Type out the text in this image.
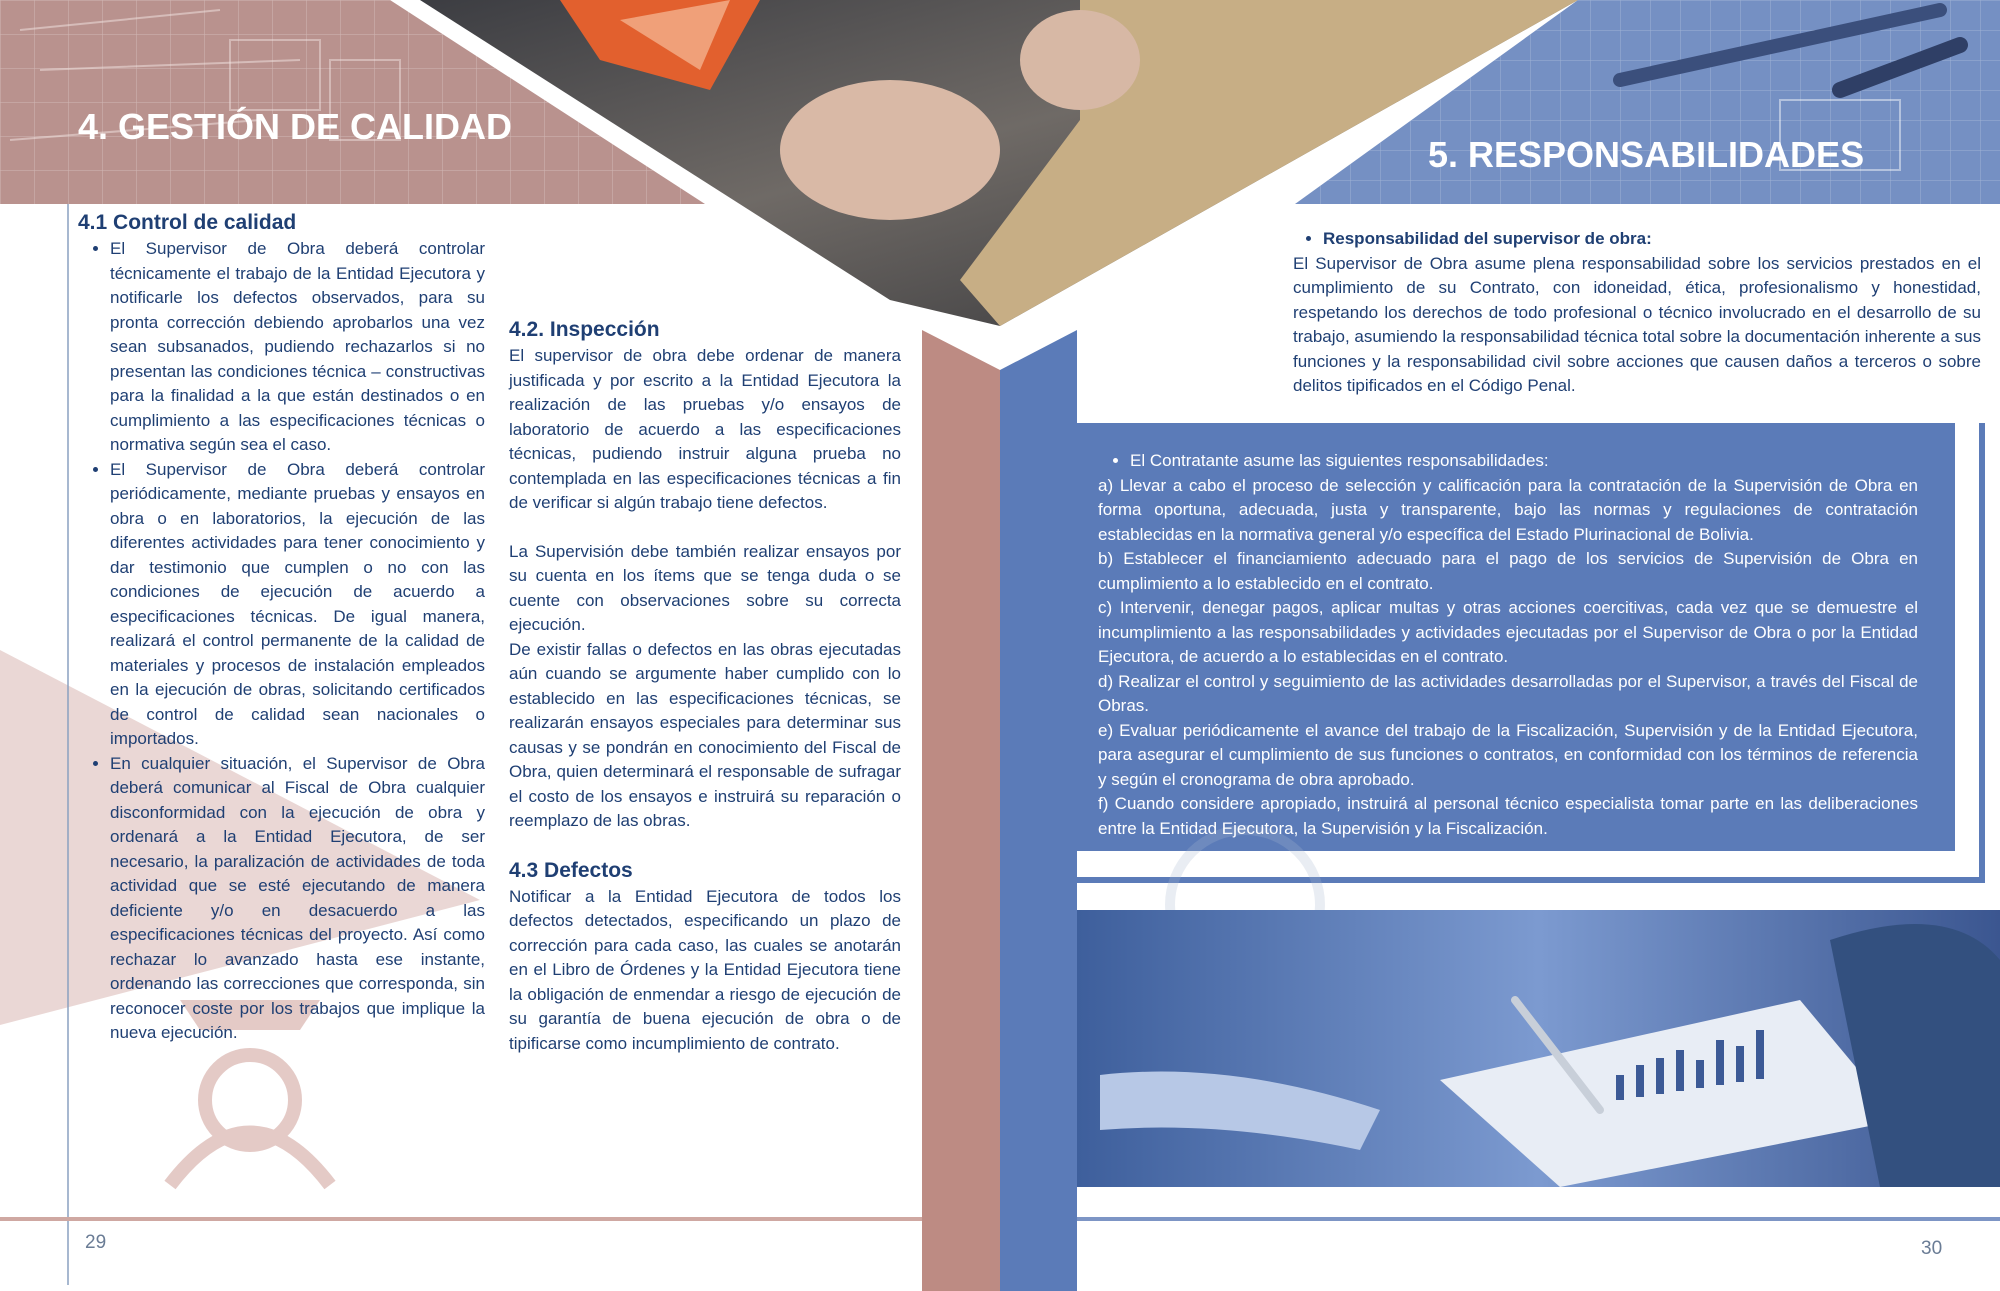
4. GESTIÓN DE CALIDAD
5. RESPONSABILIDADES
4.1 Control de calidad
• El Supervisor de Obra deberá controlar técnicamente el trabajo de la Entidad Ejecutora y notificarle los defectos observados, para su pronta corrección debiendo aprobarlos una vez sean subsanados, pudiendo rechazarlos si no presentan las condiciones técnica – constructivas para la finalidad a la que están destinados o en cumplimiento a las especificaciones técnicas o normativa según sea el caso.
• El Supervisor de Obra deberá controlar periódicamente, mediante pruebas y ensayos en obra o en laboratorios, la ejecución de las diferentes actividades para tener conocimiento y dar testimonio que cumplen o no con las condiciones de ejecución de acuerdo a especificaciones técnicas. De igual manera, realizará el control permanente de la calidad de materiales y procesos de instalación empleados en la ejecución de obras, solicitando certificados de control de calidad sean nacionales o importados.
• En cualquier situación, el Supervisor de Obra deberá comunicar al Fiscal de Obra cualquier disconformidad con la ejecución de obra y ordenará a la Entidad Ejecutora, de ser necesario, la paralización de actividades de toda actividad que se esté ejecutando de manera deficiente y/o en desacuerdo a las especificaciones técnicas del proyecto. Así como rechazar lo avanzado hasta ese instante, ordenando las correcciones que corresponda, sin reconocer coste por los trabajos que implique la nueva ejecución.
4.2. Inspección

El supervisor de obra debe ordenar de manera justificada y por escrito a la Entidad Ejecutora la realización de las pruebas y/o ensayos de laboratorio de acuerdo a las especificaciones técnicas, pudiendo instruir alguna prueba no contemplada en las especificaciones técnicas a fin de verificar si algún trabajo tiene defectos.

La Supervisión debe también realizar ensayos por su cuenta en los ítems que se tenga duda o se cuente con observaciones sobre su correcta ejecución.

De existir fallas o defectos en las obras ejecutadas aún cuando se argumente haber cumplido con lo establecido en las especificaciones técnicas, se realizarán ensayos especiales para determinar sus causas y se pondrán en conocimiento del Fiscal de Obra, quien determinará el responsable de sufragar el costo de los ensayos e instruirá su reparación o reemplazo de las obras.

4.3 Defectos

Notificar a la Entidad Ejecutora de todos los defectos detectados, especificando un plazo de corrección para cada caso, las cuales se anotarán en el Libro de Órdenes y la Entidad Ejecutora tiene la obligación de enmendar a riesgo de ejecución de su garantía de buena ejecución de obra o de tipificarse como incumplimiento de contrato.

• Responsabilidad del supervisor de obra:

El Supervisor de Obra asume plena responsabilidad sobre los servicios prestados en el cumplimiento de su Contrato, con idoneidad, ética, profesionalismo y honestidad, respetando los derechos de todo profesional o técnico involucrado en el desarrollo de su trabajo, asumiendo la responsabilidad técnica total sobre la documentación inherente a sus funciones y la responsabilidad civil sobre acciones que causen daños a terceros o sobre delitos tipificados en el Código Penal.

• El Contratante asume las siguientes responsabilidades:

a) Llevar a cabo el proceso de selección y calificación para la contratación de la Supervisión de Obra en forma oportuna, adecuada, justa y transparente, bajo las normas y regulaciones de contratación establecidas en la normativa general y/o específica del Estado Plurinacional de Bolivia.

b) Establecer el financiamiento adecuado para el pago de los servicios de Supervisión de Obra en cumplimiento a lo establecido en el contrato.

c) Intervenir, denegar pagos, aplicar multas y otras acciones coercitivas, cada vez que se demuestre el incumplimiento a las responsabilidades y actividades ejecutadas por el Supervisor de Obra o por la Entidad Ejecutora, de acuerdo a lo establecidas en el contrato.

d) Realizar el control y seguimiento de las actividades desarrolladas por el Supervisor, a través del Fiscal de Obras.

e) Evaluar periódicamente el avance del trabajo de la Fiscalización, Supervisión y de la Entidad Ejecutora, para asegurar el cumplimiento de sus funciones o contratos, en conformidad con los términos de referencia y según el cronograma de obra aprobado.

f) Cuando considere apropiado, instruirá al personal técnico especialista tomar parte en las deliberaciones entre la Entidad Ejecutora, la Supervisión y la Fiscalización.

29	30
